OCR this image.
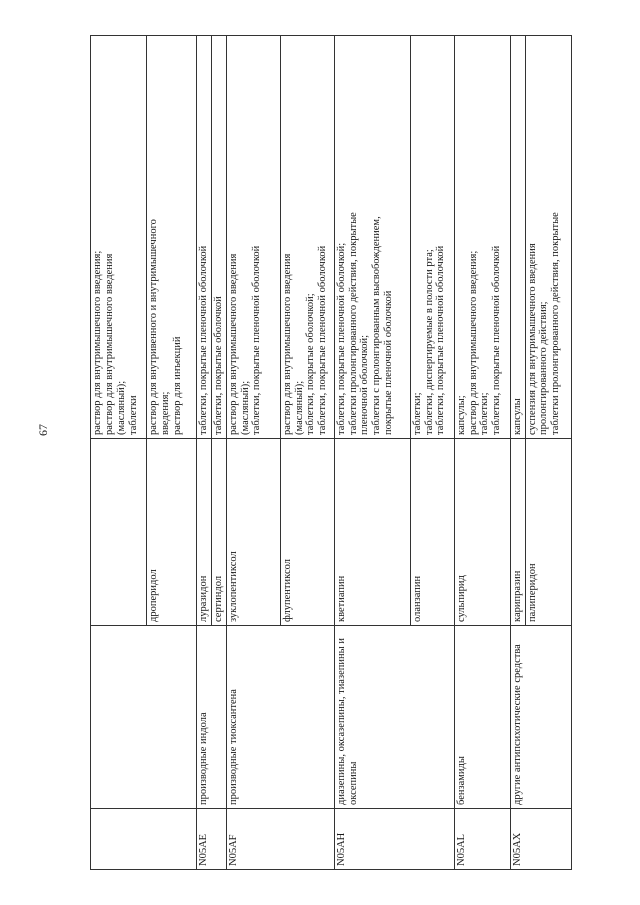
67

			раствор для внутримышечного введения; раствор для внутримышечного введения (масляный); таблетки

		дроперидол	раствор для внутривенного и внутримышечного введения; раствор для инъекций

N05AE	производные индола	луразидон	таблетки, покрытые пленочной оболочкой

		сертиндол	таблетки, покрытые оболочкой

N05AF	производные тиоксантена	зуклопентиксол	раствор для внутримышечного введения (масляный); таблетки, покрытые пленочной оболочкой

		флупентиксол	раствор для внутримышечного введения (масляный); таблетки, покрытые оболочкой; таблетки, покрытые пленочной оболочкой

N05AH	диазепины, оксазепины, тиазепины и оксепины	кветиапин	таблетки, покрытые пленочной оболочкой; таблетки пролонгированного действия, покрытые пленочной оболочкой; таблетки с пролонгированным высвобождением, покрытые пленочной оболочкой

		оланзапин	таблетки; таблетки, диспергируемые в полости рта; таблетки, покрытые пленочной оболочкой

N05AL	бензамиды	сульпирид	капсулы; раствор для внутримышечного введения; таблетки; таблетки, покрытые пленочной оболочкой

N05AX	другие антипсихотические средства	карипразин	капсулы

		палиперидон	суспензия для внутримышечного введения пролонгированного действия; таблетки пролонгированного действия, покрытые
